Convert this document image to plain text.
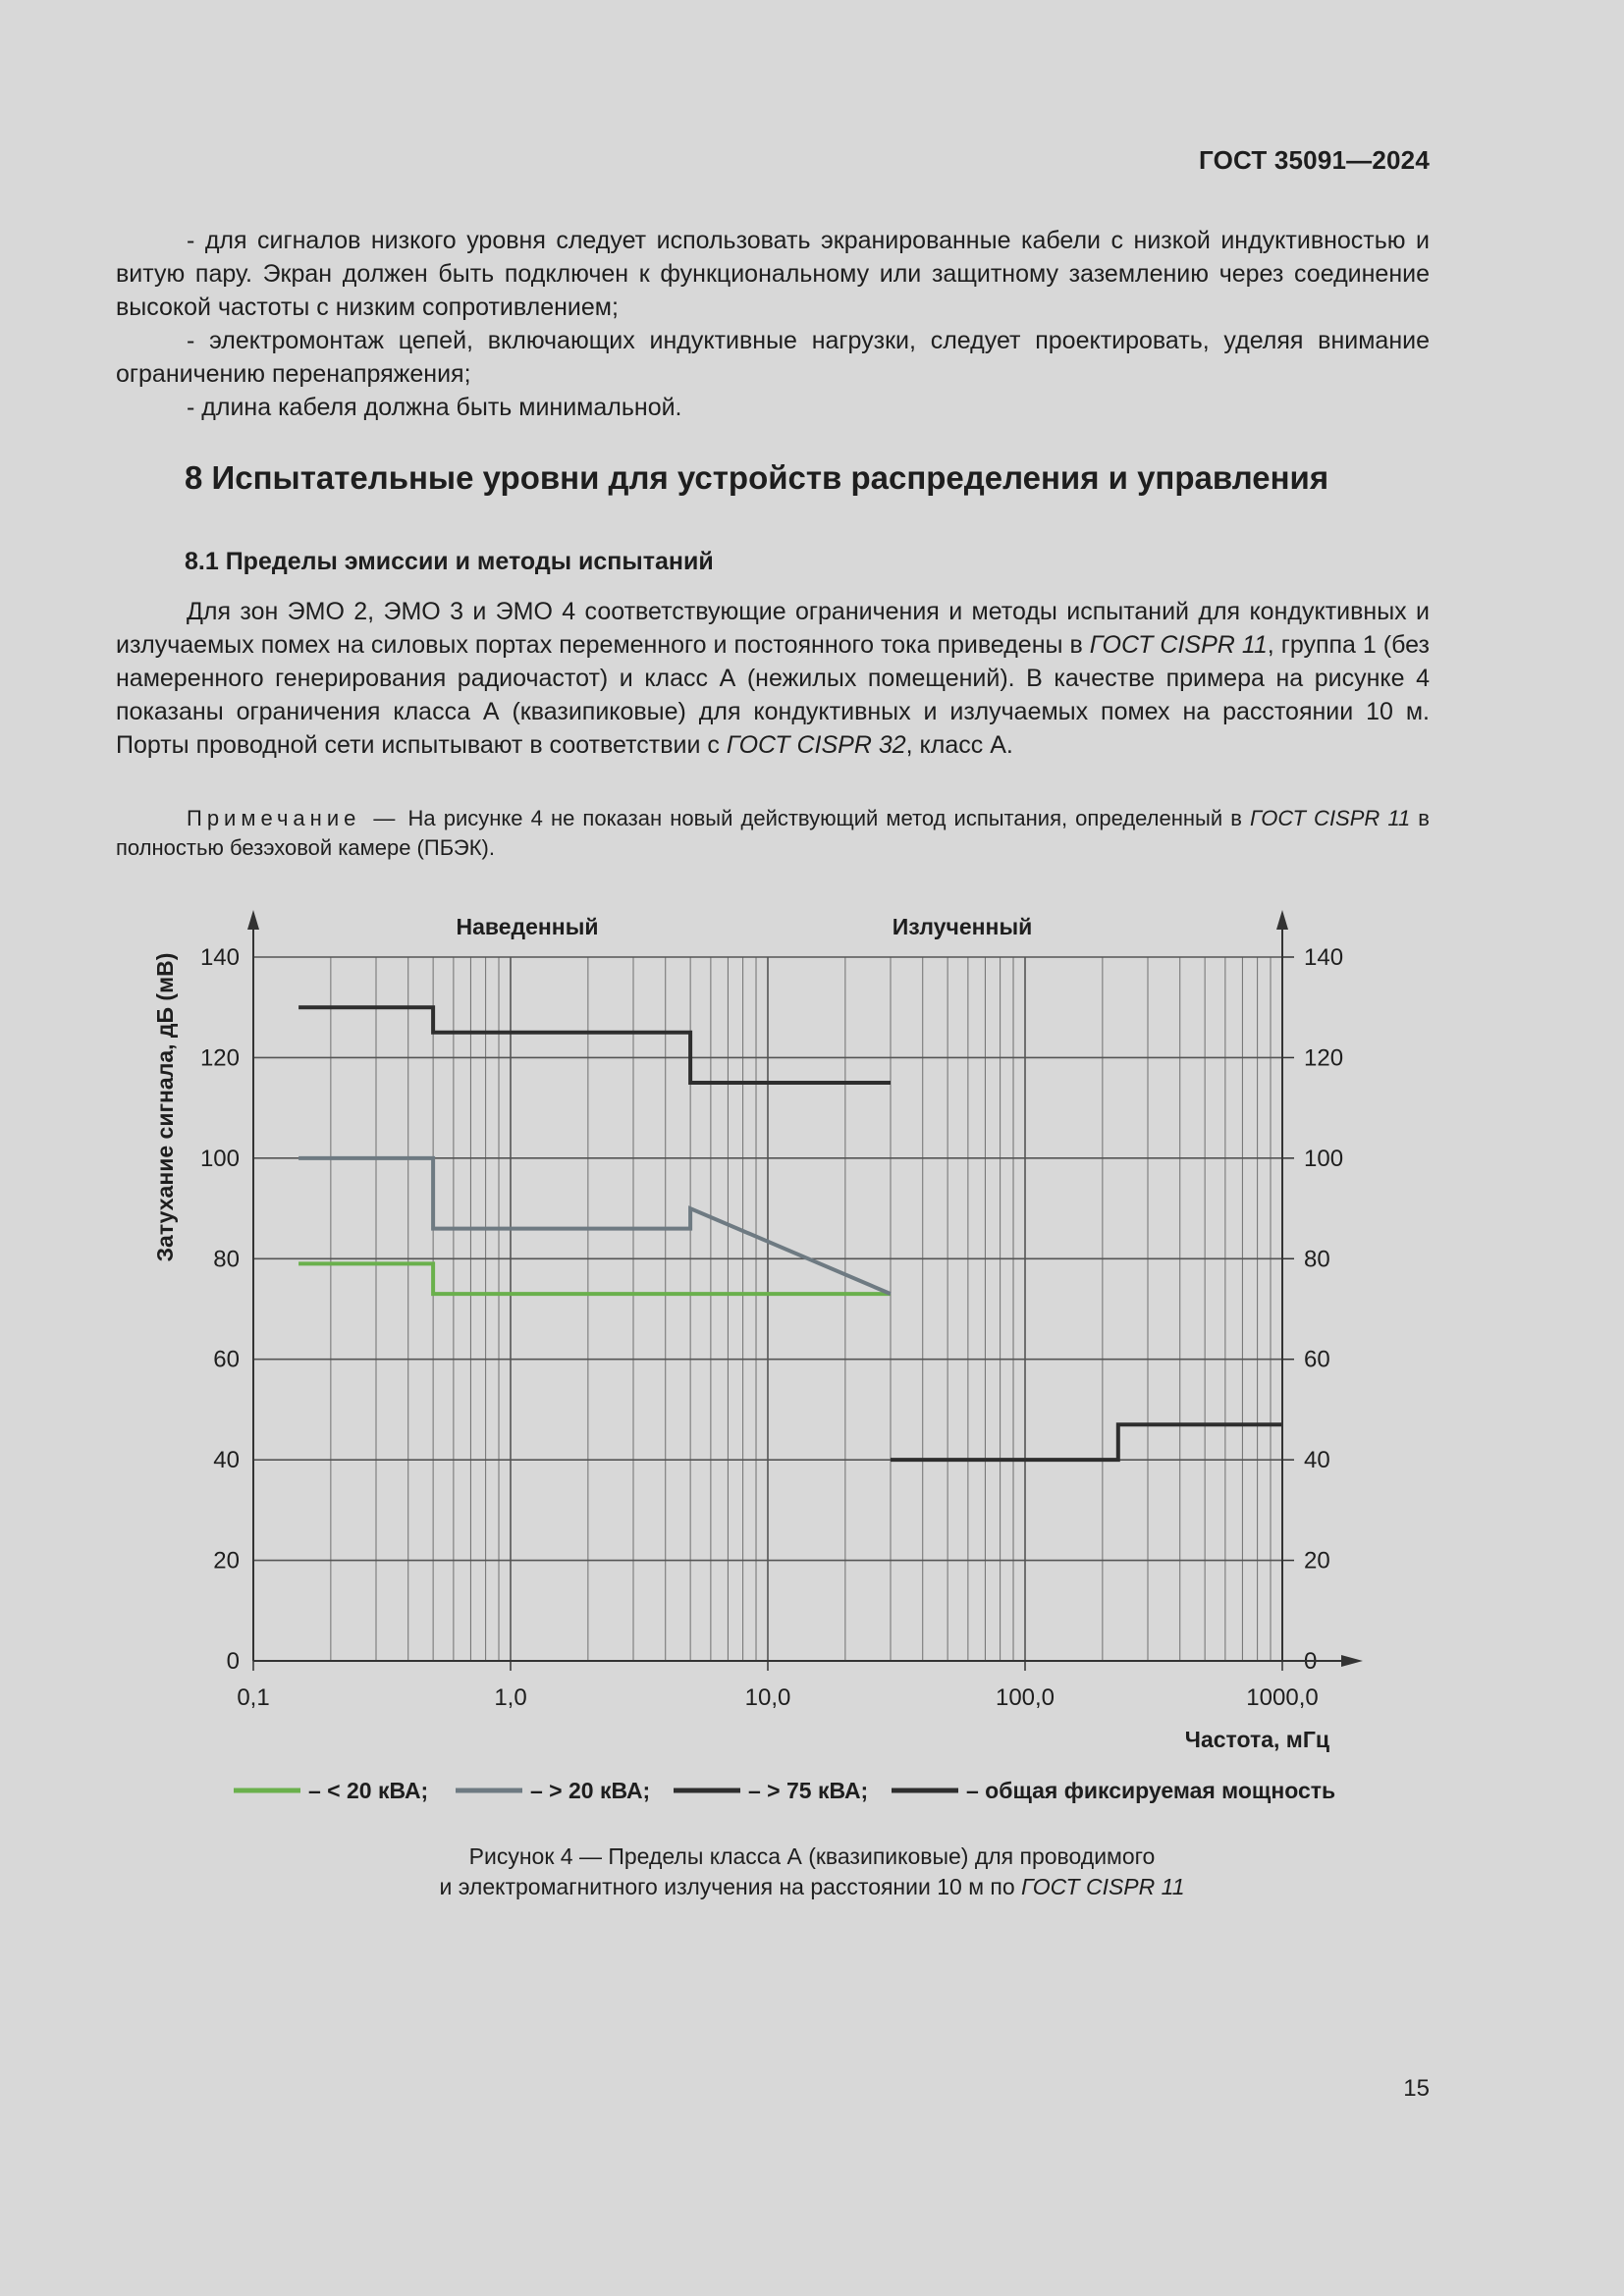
ГОСТ 35091—2024

- для сигналов низкого уровня следует использовать экранированные кабели с низкой индуктивностью и витую пару. Экран должен быть подключен к функциональному или защитному заземлению через соединение высокой частоты с низким сопротивлением;

- электромонтаж цепей, включающих индуктивные нагрузки, следует проектировать, уделяя внимание ограничению перенапряжения;

- длина кабеля должна быть минимальной.

8 Испытательные уровни для устройств распределения и управления
8.1 Пределы эмиссии и методы испытаний

Для зон ЭМО 2, ЭМО 3 и ЭМО 4 соответствующие ограничения и методы испытаний для кондуктивных и излучаемых помех на силовых портах переменного и постоянного тока приведены в ГОСТ CISPR 11, группа 1 (без намеренного генерирования радиочастот) и класс А (нежилых помещений). В качестве примера на рисунке 4 показаны ограничения класса А (квазипиковые) для кондуктивных и излучаемых помех на расстоянии 10 м. Порты проводной сети испытывают в соответствии с ГОСТ CISPR 32, класс А.

Примечание — На рисунке 4 не показан новый действующий метод испытания, определенный в ГОСТ CISPR 11 в полностью безэховой камере (ПБЭК).

0	0
20	20
40	40
60	60
80	80
100	100
120	120
140	140
0,1	1,0	10,0	100,0	1000,0
Наведенный	Излученный
Частота, мГц
Затухание сигнала, дБ (мВ)
– < 20 кВА;	– > 20 кВА;	– > 75 кВА;	– общая фиксируемая мощность
Рисунок 4 — Пределы класса А (квазипиковые) для проводимого
и электромагнитного излучения на расстоянии 10 м по ГОСТ CISPR 11
15
